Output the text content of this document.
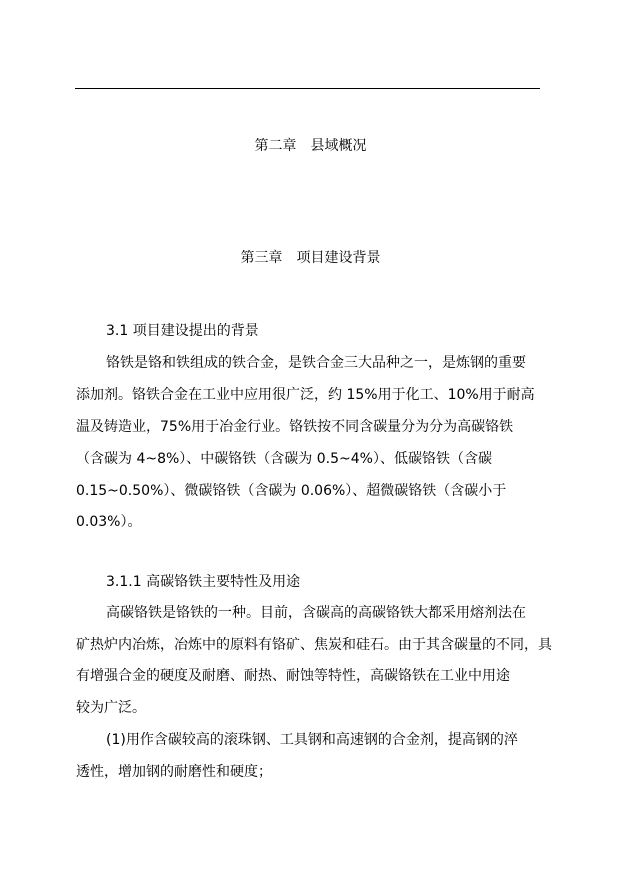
第二章　县域概况
第三章　项目建设背景
3.1 项目建设提出的背景
铬铁是铬和铁组成的铁合金，是铁合金三大品种之一，是炼钢的重要
添加剂。铬铁合金在工业中应用很广泛，约 15%用于化工、10%用于耐高
温及铸造业，75%用于冶金行业。铬铁按不同含碳量分为分为高碳铬铁
（含碳为 4~8%）、中碳铬铁（含碳为 0.5~4%）、低碳铬铁（含碳
0.15~0.50%）、微碳铬铁（含碳为 0.06%）、超微碳铬铁（含碳小于
0.03%）。
3.1.1 高碳铬铁主要特性及用途
高碳铬铁是铬铁的一种。目前，含碳高的高碳铬铁大都采用熔剂法在
矿热炉内冶炼，冶炼中的原料有铬矿、焦炭和硅石。由于其含碳量的不同，具
有增强合金的硬度及耐磨、耐热、耐蚀等特性，高碳铬铁在工业中用途
较为广泛。
(1)用作含碳较高的滚珠钢、工具钢和高速钢的合金剂，提高钢的淬
透性，增加钢的耐磨性和硬度；
